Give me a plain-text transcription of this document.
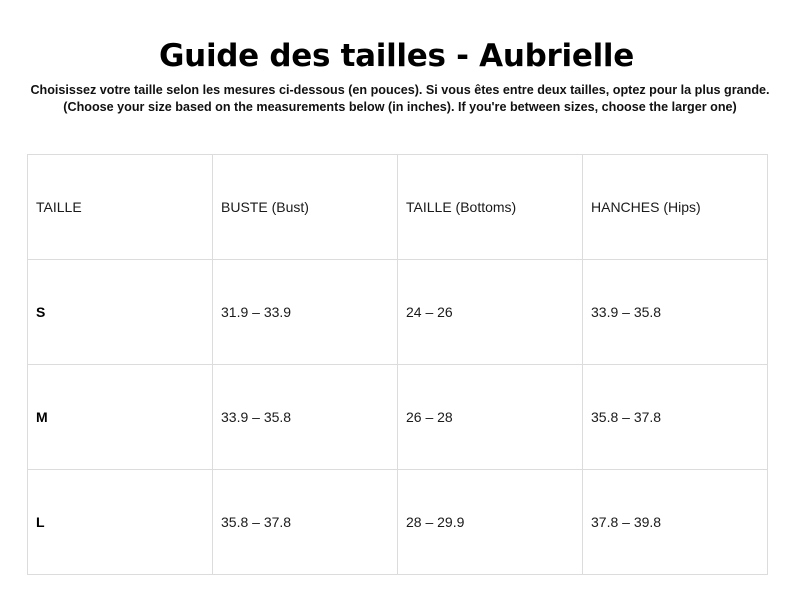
Guide des tailles - Aubrielle
Choisissez votre taille selon les mesures ci-dessous (en pouces). Si vous êtes entre deux tailles, optez pour la plus grande.
(Choose your size based on the measurements below (in inches). If you're between sizes, choose the larger one)
TAILLE	BUSTE (Bust)	TAILLE (Bottoms)	HANCHES (Hips)
S	31.9 – 33.9	24 – 26	33.9 – 35.8
M	33.9 – 35.8	26 – 28	35.8 – 37.8
L	35.8 – 37.8	28 – 29.9	37.8 – 39.8
